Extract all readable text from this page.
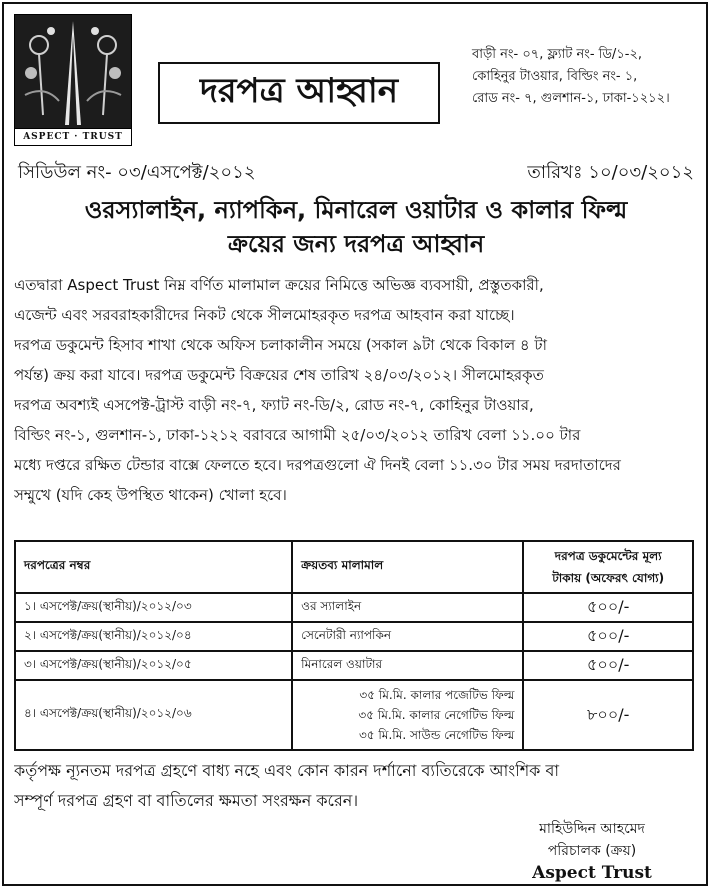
ASPECT · TRUST
দরপত্র আহ্বান
বাড়ী নং- ০৭, ফ্ল্যাট নং- ডি/১-২,
কোহিনুর টাওয়ার, বিল্ডিং নং- ১,
রোড নং- ৭, গুলশান-১, ঢাকা-১২১২।
সিডিউল নং- ০৩/এসপেক্ট/২০১২	তারিখঃ ১০/০৩/২০১২
ওরস্যালাইন, ন্যাপকিন, মিনারেল ওয়াটার ও কালার ফিল্ম
ক্রয়ের জন্য দরপত্র আহ্বান
এতদ্বারা Aspect Trust নিম্ন বর্ণিত মালামাল ক্রয়ের নিমিত্তে অভিজ্ঞ ব্যবসায়ী, প্রস্তুতকারী,
এজেন্ট এবং সরবরাহকারীদের নিকট থেকে সীলমোহরকৃত দরপত্র আহবান করা যাচ্ছে।
দরপত্র ডকুমেন্ট হিসাব শাখা থেকে অফিস চলাকালীন সময়ে (সকাল ৯টা থেকে বিকাল ৪ টা
পর্যন্ত) ক্রয় করা যাবে। দরপত্র ডকুমেন্ট বিক্রয়ের শেষ তারিখ ২৪/০৩/২০১২। সীলমোহরকৃত
দরপত্র অবশ্যই এসপেক্ট-ট্রাস্ট বাড়ী নং-৭, ফ্যাট নং-ডি/২, রোড নং-৭, কোহিনুর টাওয়ার,
বিল্ডিং নং-১, গুলশান-১, ঢাকা-১২১২ বরাবরে আগামী ২৫/০৩/২০১২ তারিখ বেলা ১১.০০ টার
মধ্যে দপ্তরে রক্ষিত টেন্ডার বাক্সে ফেলতে হবে। দরপত্রগুলো ঐ দিনই বেলা ১১.৩০ টার সময় দরদাতাদের
সম্মুখে (যদি কেহ উপস্থিত থাকেন) খোলা হবে।
দরপত্রের নম্বর	ক্রয়তব্য মালামাল	দরপত্র ডকুমেন্টের মূল্য
টাকায় (অফেরৎ যোগ্য)

১। এসপেক্ট/ক্রয়(স্থানীয়)/২০১২/০৩	ওর স্যালাইন	৫০০/-
২। এসপেক্ট/ক্রয়(স্থানীয়)/২০১২/০৪	সেনেটারী ন্যাপকিন	৫০০/-
৩। এসপেক্ট/ক্রয়(স্থানীয়)/২০১২/০৫	মিনারেল ওয়াটার	৫০০/-
৪। এসপেক্ট/ক্রয়(স্থানীয়)/২০১২/০৬	৩৫ মি.মি. কালার পজেটিভ ফিল্ম
৩৫ মি.মি. কালার নেগেটিভ ফিল্ম
৩৫ মি.মি. সাউন্ড নেগেটিভ ফিল্ম	৮০০/-
কর্তৃপক্ষ ন্যূনতম দরপত্র গ্রহণে বাধ্য নহে এবং কোন কারন দর্শানো ব্যতিরেকে আংশিক বা
সম্পূর্ণ দরপত্র গ্রহণ বা বাতিলের ক্ষমতা সংরক্ষন করেন।
মাহিউদ্দিন আহমেদ
পরিচালক (ক্রয়)
Aspect Trust
